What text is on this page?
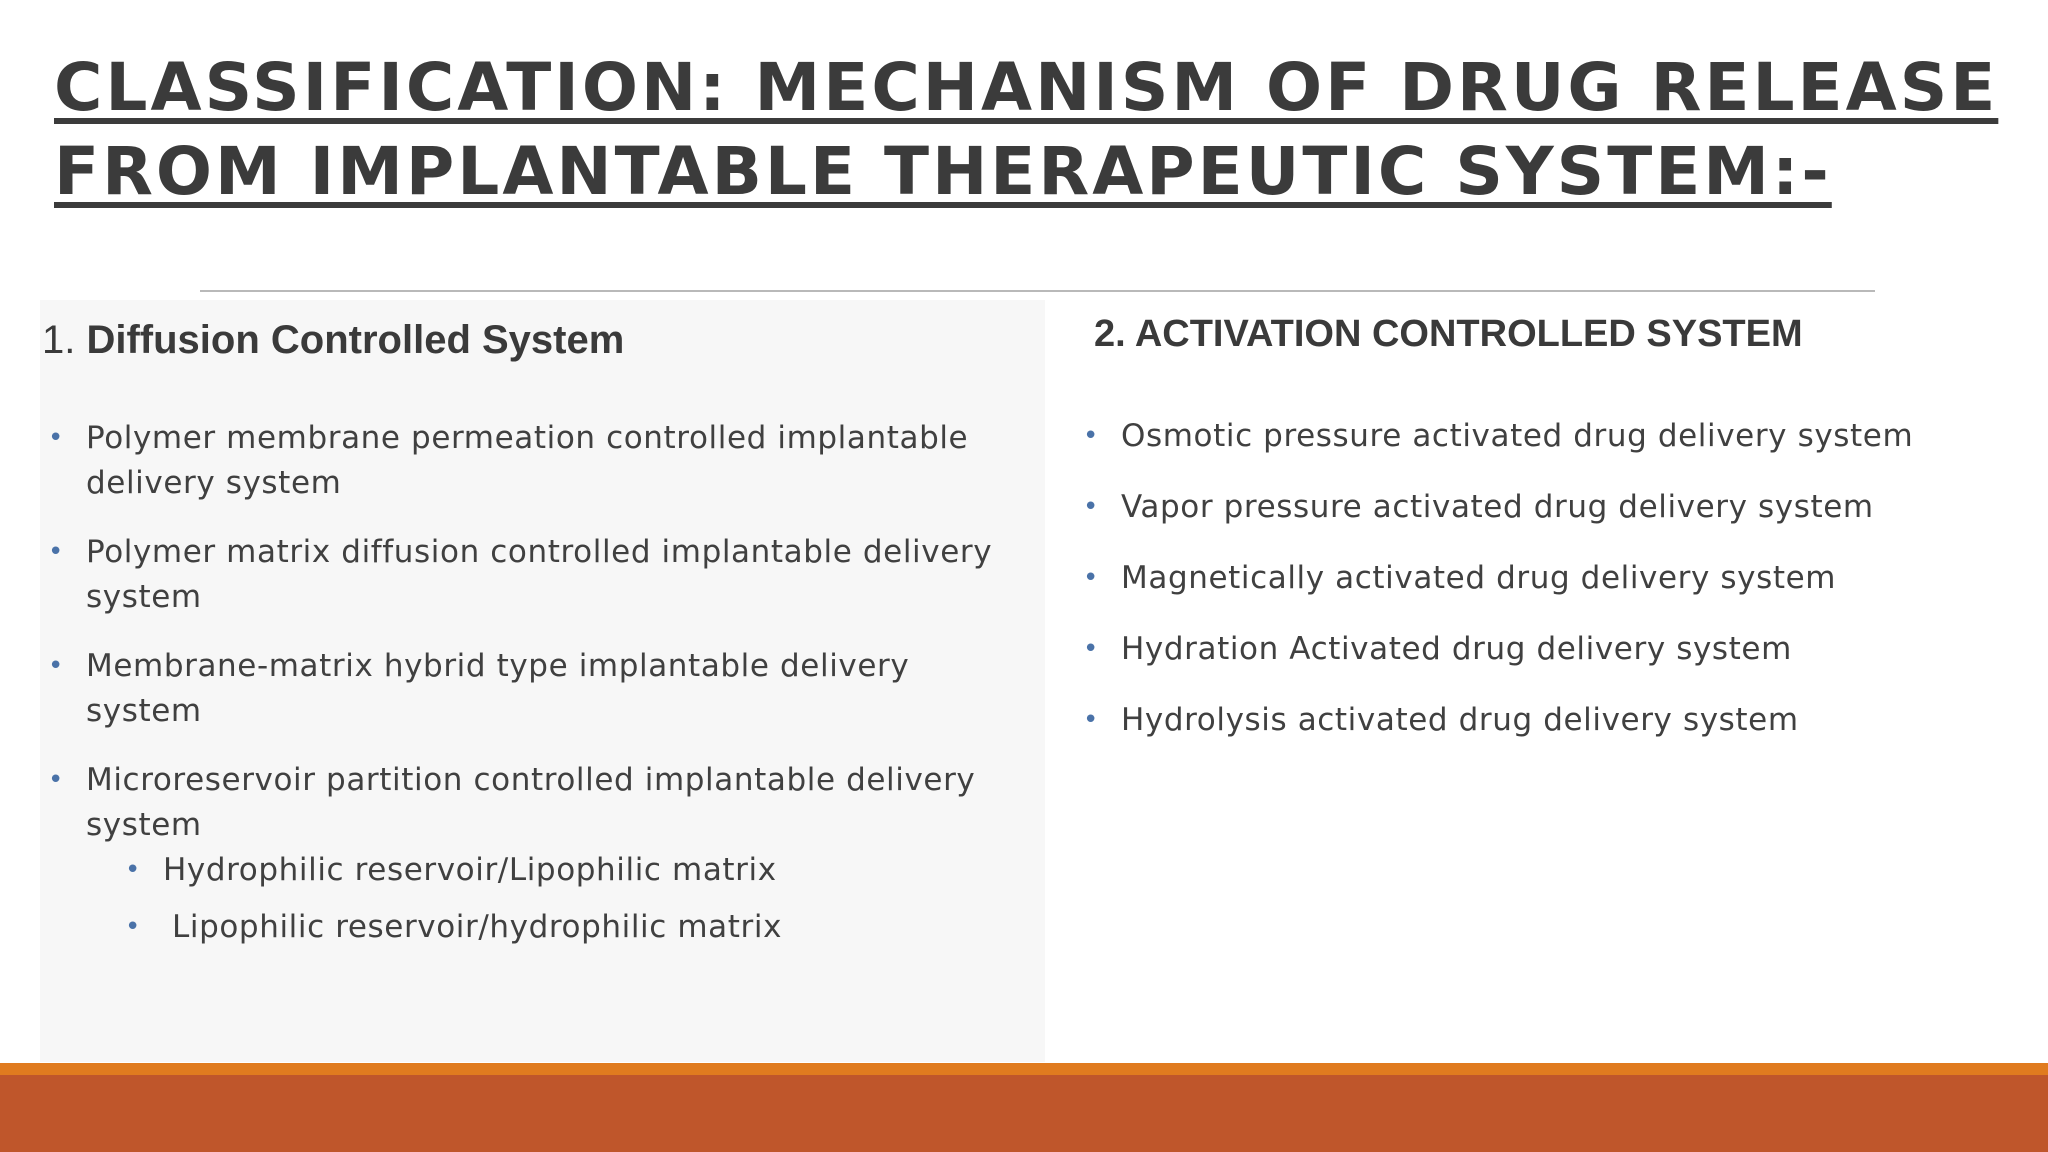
CLASSIFICATION: MECHANISM OF DRUG RELEASE
FROM IMPLANTABLE THERAPEUTIC SYSTEM:-
1. Diffusion Controlled System	2. ACTIVATION CONTROLLED SYSTEM
• Polymer membrane permeation controlled implantable delivery system
• Polymer matrix diffusion controlled implantable delivery system
• Membrane-matrix hybrid type implantable delivery system
• Microreservoir partition controlled implantable delivery system
• Hydrophilic reservoir/Lipophilic matrix
• Lipophilic reservoir/hydrophilic matrix
• Osmotic pressure activated drug delivery system
• Vapor pressure activated drug delivery system
• Magnetically activated drug delivery system
• Hydration Activated drug delivery system
• Hydrolysis activated drug delivery system
